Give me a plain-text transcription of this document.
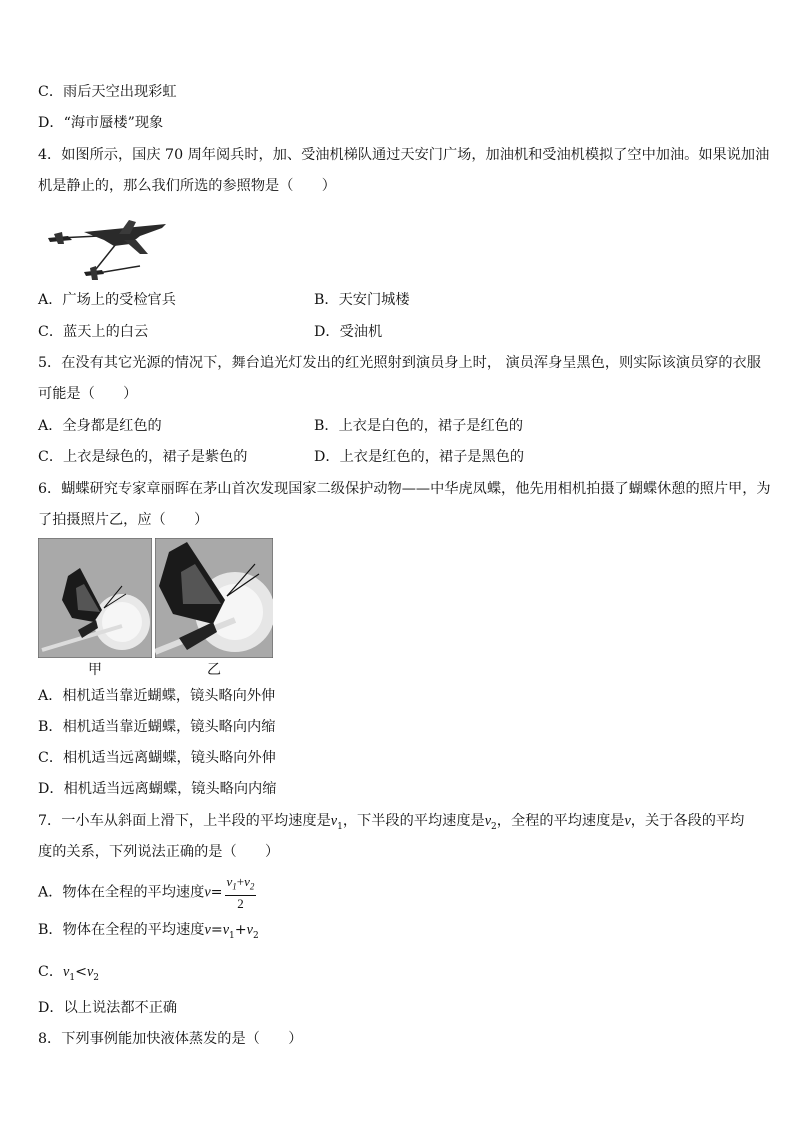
C．雨后天空出现彩虹
D．“海市蜃楼”现象
4．如图所示，国庆 70 周年阅兵时，加、受油机梯队通过天安门广场，加油机和受油机模拟了空中加油。如果说加油
机是静止的，那么我们所选的参照物是（　　）
A．广场上的受检官兵	B．天安门城楼
C．蓝天上的白云	D．受油机
5．在没有其它光源的情况下，舞台追光灯发出的红光照射到演员身上时， 演员浑身呈黑色，则实际该演员穿的衣服
可能是（　　）
A．全身都是红色的	B．上衣是白色的，裙子是红色的
C．上衣是绿色的，裙子是紫色的	D．上衣是红色的，裙子是黑色的
6．蝴蝶研究专家章丽晖在茅山首次发现国家二级保护动物——中华虎凤蝶，他先用相机拍摄了蝴蝶休憩的照片甲，为
了拍摄照片乙，应（　　）
甲	乙
A．相机适当靠近蝴蝶，镜头略向外伸
B．相机适当靠近蝴蝶，镜头略向内缩
C．相机适当远离蝴蝶，镜头略向外伸
D．相机适当远离蝴蝶，镜头略向内缩
7．一小车从斜面上滑下，上半段的平均速度是$v_1$，下半段的平均速度是$v_2$，全程的平均速度是v，关于各段的平均
度的关系，下列说法正确的是（　　）
A．物体在全程的平均速度$v= \frac{v_1+v_2}{2}$
B．物体在全程的平均速度$v=v_1+v_2$
C．$v_1<v_2$
D．以上说法都不正确
8．下列事例能加快液体蒸发的是（　　）
